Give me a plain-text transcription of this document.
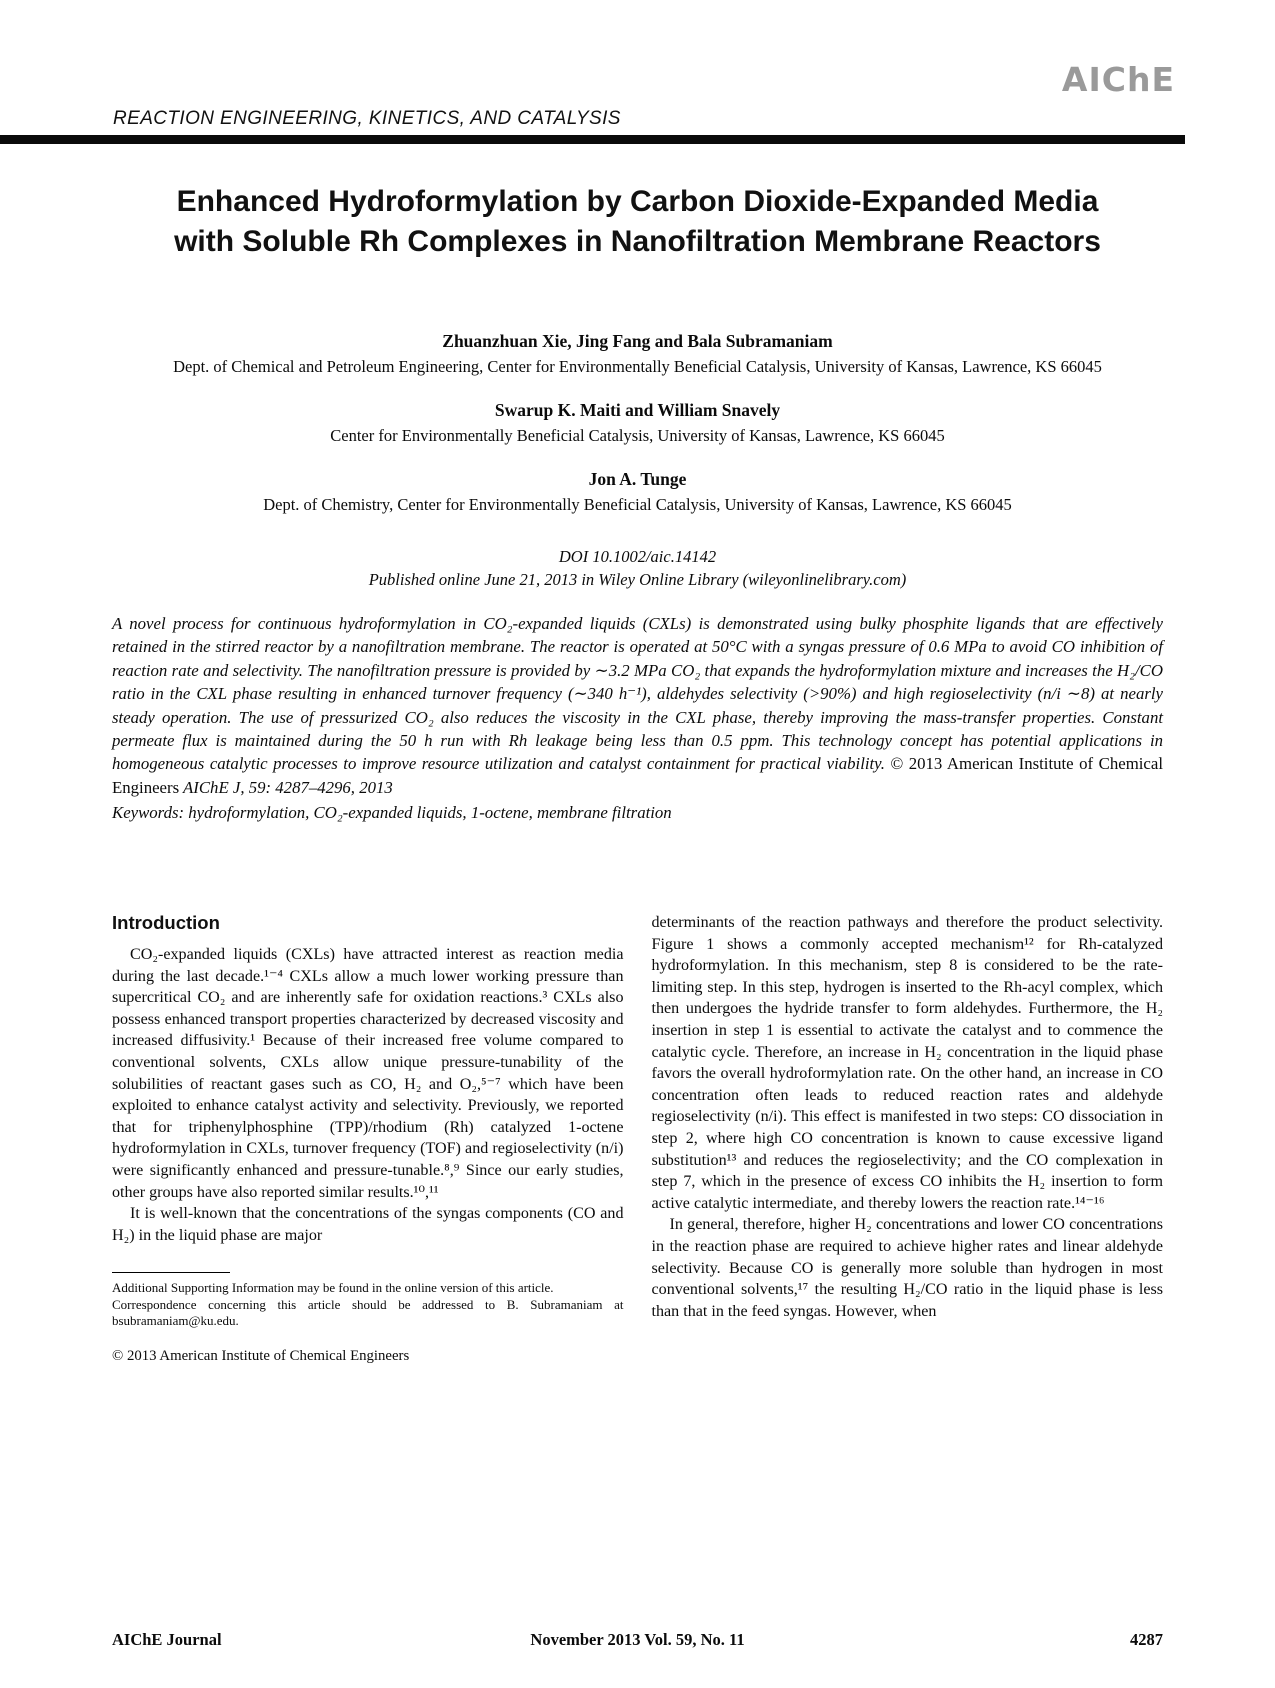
AIChE
REACTION ENGINEERING, KINETICS, AND CATALYSIS
Enhanced Hydroformylation by Carbon Dioxide-Expanded Media with Soluble Rh Complexes in Nanofiltration Membrane Reactors
Zhuanzhuan Xie, Jing Fang and Bala Subramaniam
Dept. of Chemical and Petroleum Engineering, Center for Environmentally Beneficial Catalysis, University of Kansas, Lawrence, KS 66045
Swarup K. Maiti and William Snavely
Center for Environmentally Beneficial Catalysis, University of Kansas, Lawrence, KS 66045
Jon A. Tunge
Dept. of Chemistry, Center for Environmentally Beneficial Catalysis, University of Kansas, Lawrence, KS 66045
DOI 10.1002/aic.14142
Published online June 21, 2013 in Wiley Online Library (wileyonlinelibrary.com)

A novel process for continuous hydroformylation in CO₂-expanded liquids (CXLs) is demonstrated using bulky phosphite ligands that are effectively retained in the stirred reactor by a nanofiltration membrane. The reactor is operated at 50°C with a syngas pressure of 0.6 MPa to avoid CO inhibition of reaction rate and selectivity. The nanofiltration pressure is provided by ∼3.2 MPa CO₂ that expands the hydroformylation mixture and increases the H₂/CO ratio in the CXL phase resulting in enhanced turnover frequency (∼340 h⁻¹), aldehydes selectivity (>90%) and high regioselectivity (n/i ∼8) at nearly steady operation. The use of pressurized CO₂ also reduces the viscosity in the CXL phase, thereby improving the mass-transfer properties. Constant permeate flux is maintained during the 50 h run with Rh leakage being less than 0.5 ppm. This technology concept has potential applications in homogeneous catalytic processes to improve resource utilization and catalyst containment for practical viability. © 2013 American Institute of Chemical Engineers AIChE J, 59: 4287–4296, 2013

Keywords: hydroformylation, CO₂-expanded liquids, 1-octene, membrane filtration
Introduction

CO₂-expanded liquids (CXLs) have attracted interest as reaction media during the last decade.¹⁻⁴ CXLs allow a much lower working pressure than supercritical CO₂ and are inherently safe for oxidation reactions.³ CXLs also possess enhanced transport properties characterized by decreased viscosity and increased diffusivity.¹ Because of their increased free volume compared to conventional solvents, CXLs allow unique pressure-tunability of the solubilities of reactant gases such as CO, H₂ and O₂,⁵⁻⁷ which have been exploited to enhance catalyst activity and selectivity. Previously, we reported that for triphenylphosphine (TPP)/rhodium (Rh) catalyzed 1-octene hydroformylation in CXLs, turnover frequency (TOF) and regioselectivity (n/i) were significantly enhanced and pressure-tunable.⁸,⁹ Since our early studies, other groups have also reported similar results.¹⁰,¹¹

It is well-known that the concentrations of the syngas components (CO and H₂) in the liquid phase are major

Additional Supporting Information may be found in the online version of this article.

Correspondence concerning this article should be addressed to B. Subramaniam at bsubramaniam@ku.edu.

© 2013 American Institute of Chemical Engineers

determinants of the reaction pathways and therefore the product selectivity. Figure 1 shows a commonly accepted mechanism¹² for Rh-catalyzed hydroformylation. In this mechanism, step 8 is considered to be the rate-limiting step. In this step, hydrogen is inserted to the Rh-acyl complex, which then undergoes the hydride transfer to form aldehydes. Furthermore, the H₂ insertion in step 1 is essential to activate the catalyst and to commence the catalytic cycle. Therefore, an increase in H₂ concentration in the liquid phase favors the overall hydroformylation rate. On the other hand, an increase in CO concentration often leads to reduced reaction rates and aldehyde regioselectivity (n/i). This effect is manifested in two steps: CO dissociation in step 2, where high CO concentration is known to cause excessive ligand substitution¹³ and reduces the regioselectivity; and the CO complexation in step 7, which in the presence of excess CO inhibits the H₂ insertion to form active catalytic intermediate, and thereby lowers the reaction rate.¹⁴⁻¹⁶

In general, therefore, higher H₂ concentrations and lower CO concentrations in the reaction phase are required to achieve higher rates and linear aldehyde selectivity. Because CO is generally more soluble than hydrogen in most conventional solvents,¹⁷ the resulting H₂/CO ratio in the liquid phase is less than that in the feed syngas. However, when

AIChE Journal	November 2013 Vol. 59, No. 11	4287
